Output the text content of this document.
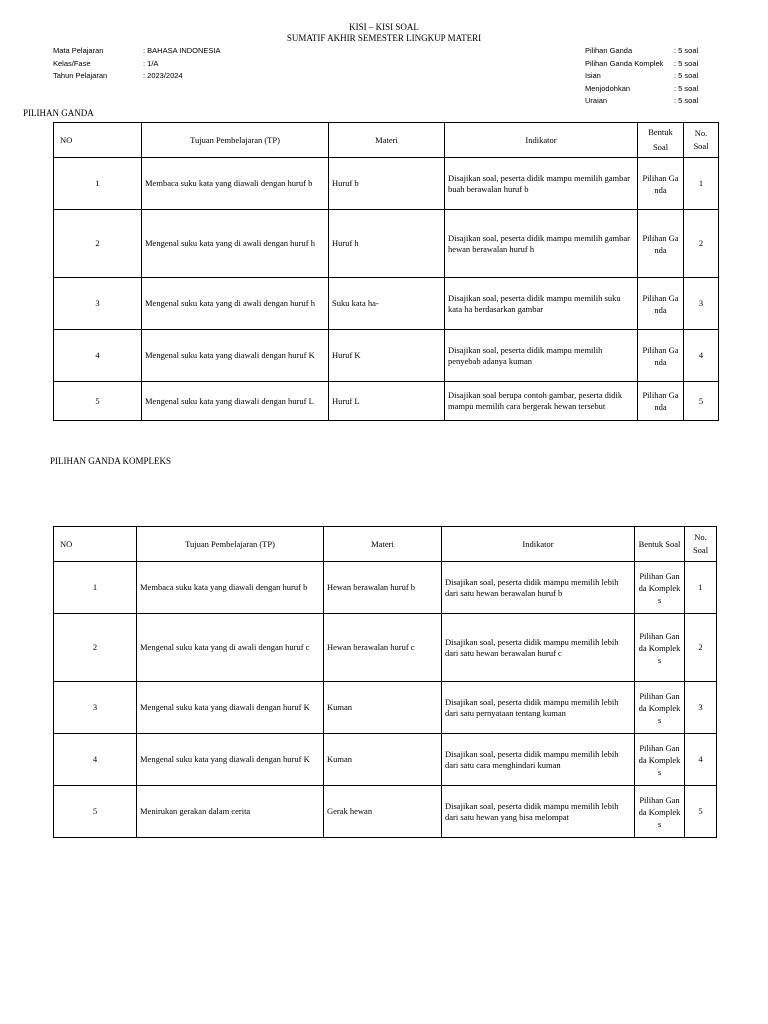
KISI – KISI SOAL
SUMATIF AKHIR SEMESTER LINGKUP MATERI
Mata Pelajaran	: BAHASA INDONESIA
Kelas/Fase	: 1/A
Tahun Pelajaran	: 2023/2024
Pilihan Ganda	: 5 soal
Pilihan Ganda Komplek	: 5 soal
Isian	: 5 soal
Menjodohkan	: 5 soal
Uraian	: 5 soal
PILIHAN GANDA
NO	Tujuan Pembelajaran (TP)	Materi	Indikator	Bentuk Soal	No. Soal
1	Membaca suku kata yang diawali dengan huruf b	Huruf b	Disajikan soal, peserta didik mampu memilih gambar buah berawalan huruf b	Pilihan Ganda	1
2	Mengenal suku kata yang di awali dengan huruf h	Huruf h	Disajikan soal, peserta didik mampu memilih gambar hewan berawalan huruf h	Pilihan Ganda	2
3	Mengenal suku kata yang di awali dengan huruf h	Suku kata ha-	Disajikan soal, peserta didik mampu memilih suku kata ha berdasarkan gambar	Pilihan Ganda	3
4	Mengenal suku kata yang diawali dengan huruf K	Huruf K	Disajikan soal, peserta didik mampu memilih penyebab adanya kuman	Pilihan Ganda	4
5	Mengenal suku kata yang diawali dengan huruf L	Huruf L	Disajikan soal berupa contoh gambar, peserta didik mampu memilih cara bergerak hewan tersebut	Pilihan Ganda	5
PILIHAN GANDA KOMPLEKS
NO	Tujuan Pembelajaran (TP)	Materi	Indikator	Bentuk Soal	No. Soal
1	Membaca suku kata yang diawali dengan huruf b	Hewan berawalan huruf b	Disajikan soal, peserta didik mampu memilih lebih dari satu hewan berawalan huruf b	Pilihan Ganda Kompleks	1
2	Mengenal suku kata yang di awali dengan huruf c	Hewan berawalan huruf c	Disajikan soal, peserta didik mampu memilih lebih dari satu hewan berawalan huruf c	Pilihan Ganda Kompleks	2
3	Mengenal suku kata yang diawali dengan huruf K	Kuman	Disajikan soal, peserta didik mampu memilih lebih dari satu pernyataan tentang kuman	Pilihan Ganda Kompleks	3
4	Mengenal suku kata yang diawali dengan huruf K	Kuman	Disajikan soal, peserta didik mampu memilih lebih dari satu cara menghindari kuman	Pilihan Ganda Kompleks	4
5	Menirukan gerakan dalam cerita	Gerak hewan	Disajikan soal, peserta didik mampu memilih lebih dari satu hewan yang bisa melompat	Pilihan Ganda Kompleks	5
